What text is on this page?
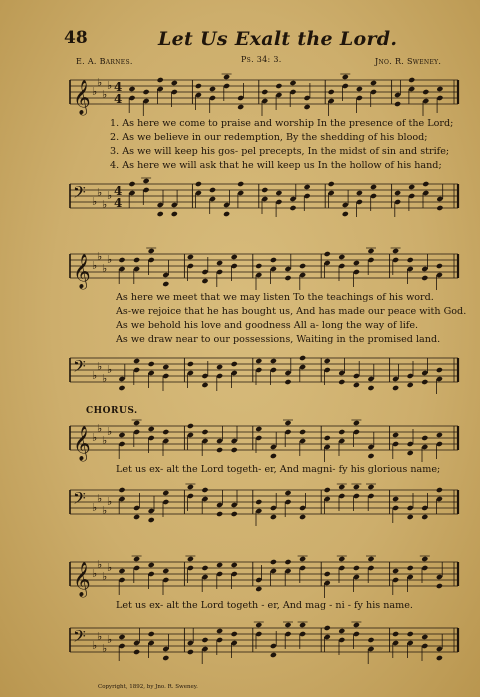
48	Let Us Exalt the Lord.
E. A. Barnes.	Ps. 34: 3.	Jno. R. Sweney.
𝄞 ♭
♭
♭
♭ 4
4
1. As here we come to praise and worship In the presence of the Lord;
2. As we believe in our redemption, By the shedding of his blood;
3. As we will keep his gos- pel precepts, In the midst of sin and strife;
4. As here we will ask that he will keep us In the hollow of his hand;
𝄢 ♭
♭
♭
♭ 4
4
𝄞 ♭
♭
♭
♭
As here we meet that we may listen To the teachings of his word.
As-we rejoice that he has bought us, And has made our peace with God.
As we behold his love and goodness All a- long the way of life.
As we draw near to our possessions, Waiting in the promised land.
𝄢 ♭
♭
♭
♭
CHORUS.
𝄞 ♭
♭
♭
♭
Let us ex- alt the Lord togeth- er, And magni- fy his glorious name;
𝄢 ♭
♭
♭
♭
𝄞 ♭
♭
♭
♭
Let us ex- alt the Lord togeth - er, And mag - ni - fy his name.
𝄢 ♭
♭
♭
♭
Copyright, 1892, by Jno. R. Sweney.
